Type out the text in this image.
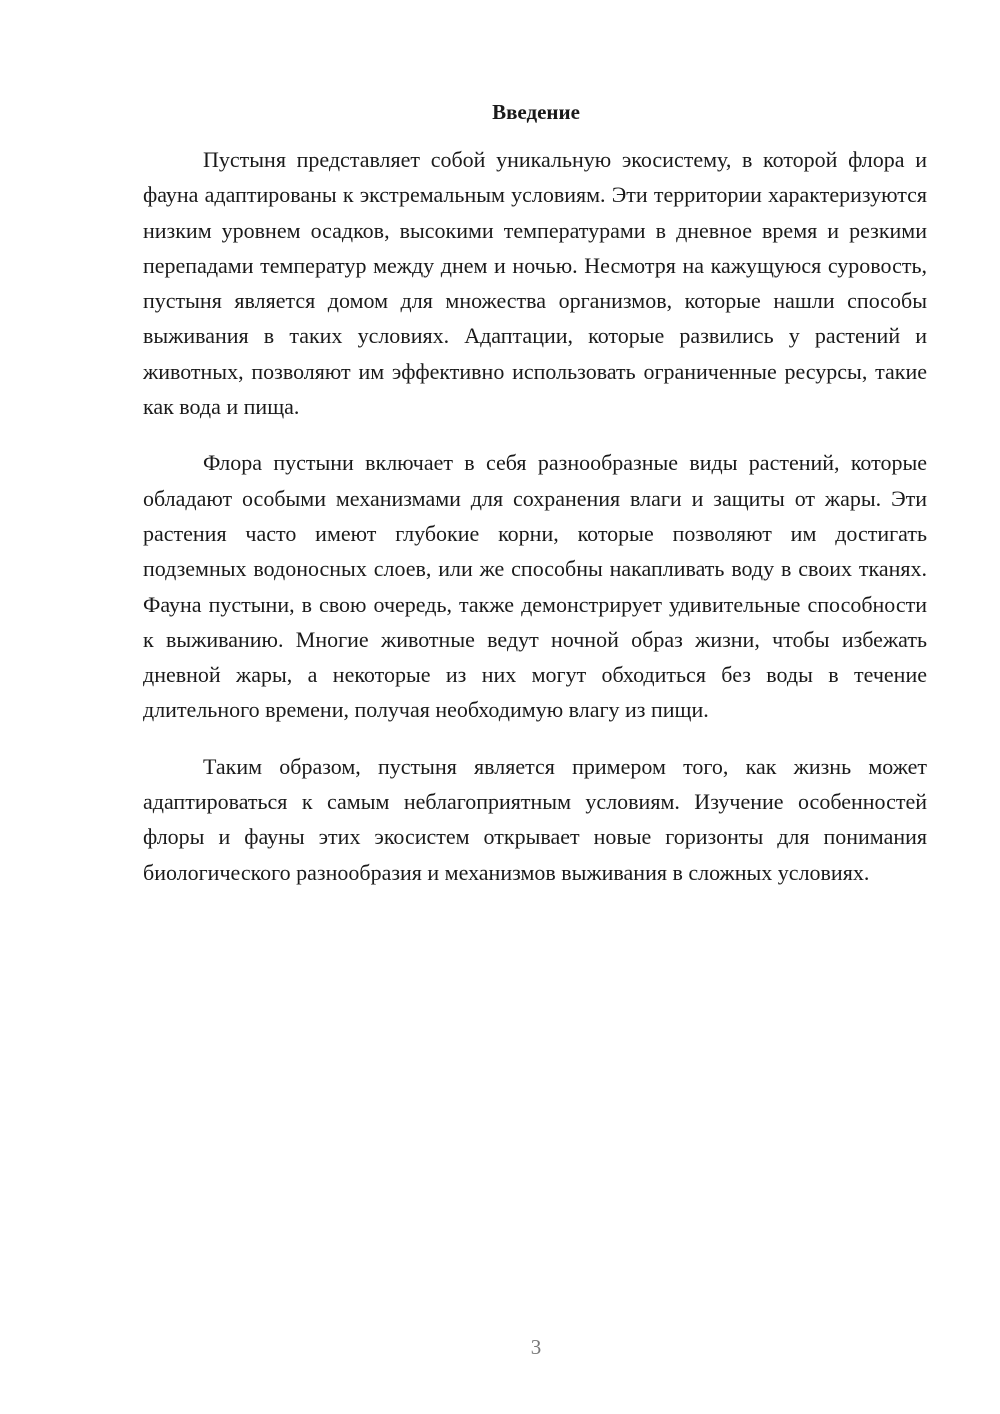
Введение

Пустыня представляет собой уникальную экосистему, в которой флора и фауна адаптированы к экстремальным условиям. Эти территории характеризуются низким уровнем осадков, высокими температурами в дневное время и резкими перепадами температур между днем и ночью. Несмотря на кажущуюся суровость, пустыня является домом для множества организмов, которые нашли способы выживания в таких условиях. Адаптации, которые развились у растений и животных, позволяют им эффективно использовать ограниченные ресурсы, такие как вода и пища.

Флора пустыни включает в себя разнообразные виды растений, которые обладают особыми механизмами для сохранения влаги и защиты от жары. Эти растения часто имеют глубокие корни, которые позволяют им достигать подземных водоносных слоев, или же способны накапливать воду в своих тканях. Фауна пустыни, в свою очередь, также демонстрирует удивительные способности к выживанию. Многие животные ведут ночной образ жизни, чтобы избежать дневной жары, а некоторые из них могут обходиться без воды в течение длительного времени, получая необходимую влагу из пищи.

Таким образом, пустыня является примером того, как жизнь может адаптироваться к самым неблагоприятным условиям. Изучение особенностей флоры и фауны этих экосистем открывает новые горизонты для понимания биологического разнообразия и механизмов выживания в сложных условиях.

3
